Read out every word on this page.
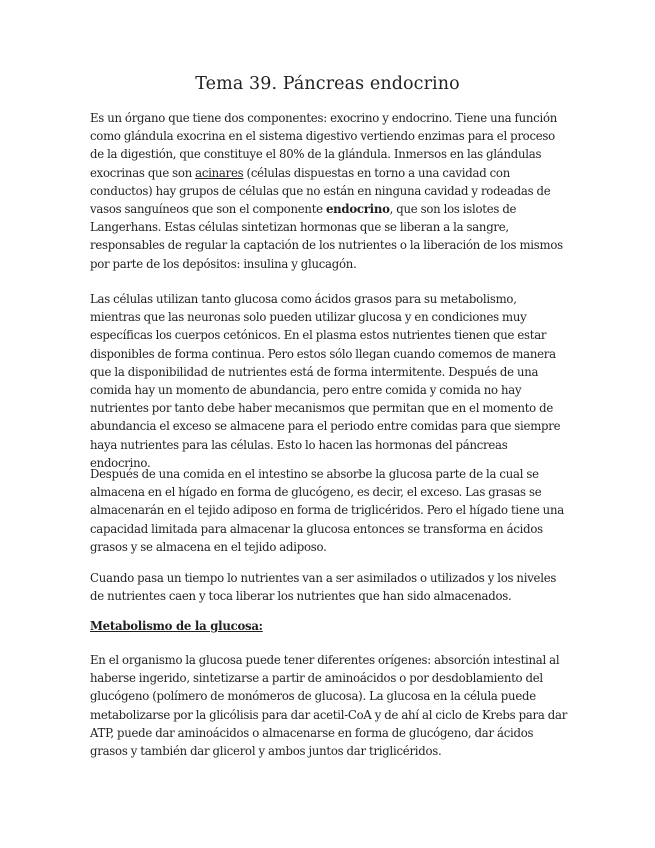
Tema 39. Páncreas endocrino
Es un órgano que tiene dos componentes: exocrino y endocrino. Tiene una función como glándula exocrina en el sistema digestivo vertiendo enzimas para el proceso de la digestión, que constituye el 80% de la glándula. Inmersos en las glándulas exocrinas que son acinares (células dispuestas en torno a una cavidad con conductos) hay grupos de células que no están en ninguna cavidad y rodeadas de vasos sanguíneos que son el componente endocrino, que son los islotes de Langerhans. Estas células sintetizan hormonas que se liberan a la sangre, responsables de regular la captación de los nutrientes o la liberación de los mismos por parte de los depósitos: insulina y glucagón.
Las células utilizan tanto glucosa como ácidos grasos para su metabolismo, mientras que las neuronas solo pueden utilizar glucosa y en condiciones muy específicas los cuerpos cetónicos. En el plasma estos nutrientes tienen que estar disponibles de forma continua. Pero estos sólo llegan cuando comemos de manera que la disponibilidad de nutrientes está de forma intermitente. Después de una comida hay un momento de abundancia, pero entre comida y comida no hay nutrientes por tanto debe haber mecanismos que permitan que en el momento de abundancia el exceso se almacene para el periodo entre comidas para que siempre haya nutrientes para las células. Esto lo hacen las hormonas del páncreas endocrino.
Después de una comida en el intestino se absorbe la glucosa parte de la cual se almacena en el hígado en forma de glucógeno, es decir, el exceso. Las grasas se almacenarán en el tejido adiposo en forma de triglicéridos. Pero el hígado tiene una capacidad limitada para almacenar la glucosa entonces se transforma en ácidos grasos y se almacena en el tejido adiposo.
Cuando pasa un tiempo lo nutrientes van a ser asimilados o utilizados y los niveles de nutrientes caen y toca liberar los nutrientes que han sido almacenados.
Metabolismo de la glucosa:
En el organismo la glucosa puede tener diferentes orígenes: absorción intestinal al haberse ingerido, sintetizarse a partir de aminoácidos o por desdoblamiento del glucógeno (polímero de monómeros de glucosa). La glucosa en la célula puede metabolizarse por la glicólisis para dar acetil-CoA y de ahí al ciclo de Krebs para dar ATP, puede dar aminoácidos o almacenarse en forma de glucógeno, dar ácidos grasos y también dar glicerol y ambos juntos dar triglicéridos.
